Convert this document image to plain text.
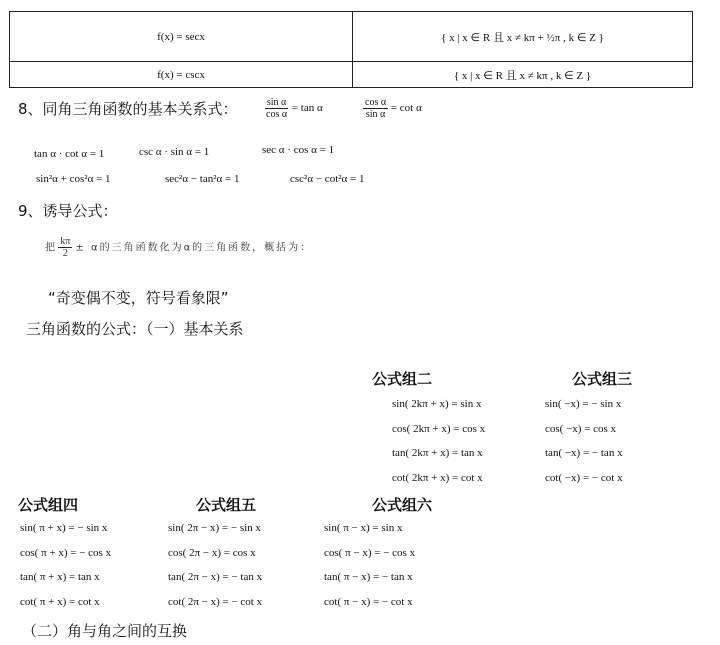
f(x) = secx	{ x | x ∈ R 且 x ≠ kπ + ½π , k ∈ Z }
f(x) = cscx	{ x | x ∈ R 且 x ≠ kπ , k ∈ Z }
8、同角三角函数的基本关系式：	$\frac{\text{sin α}}{\text{cos α}} = \tan \alpha$	$\frac{\text{cos α}}{\text{sin α}} = \cot \alpha$
tan α · cot α = 1	csc α · sin α = 1	sec α · cos α = 1
sin²α + cos²α = 1	sec²α − tan²α = 1	csc²α − cot²α = 1
9、诱导公式：
把 $\frac{k\pi}{2} \pm \alpha$的三角函数化为α的三角函数，概括为：
“奇变偶不变，符号看象限”
三角函数的公式：（一）基本关系
公式组二
sin( 2kπ + x) = sin x
cos( 2kπ + x) = cos x
tan( 2kπ + x) = tan x
cot( 2kπ + x) = cot x
公式组三
sin( −x) = − sin x
cos( −x) = cos x
tan( −x) = − tan x
cot( −x) = − cot x
公式组四
sin( π + x) = − sin x
cos( π + x) = − cos x
tan( π + x) = tan x
cot( π + x) = cot x
公式组五
sin( 2π − x) = − sin x
cos( 2π − x) = cos x
tan( 2π − x) = − tan x
cot( 2π − x) = − cot x
公式组六
sin( π − x) = sin x
cos( π − x) = − cos x
tan( π − x) = − tan x
cot( π − x) = − cot x
（二）角与角之间的互换
